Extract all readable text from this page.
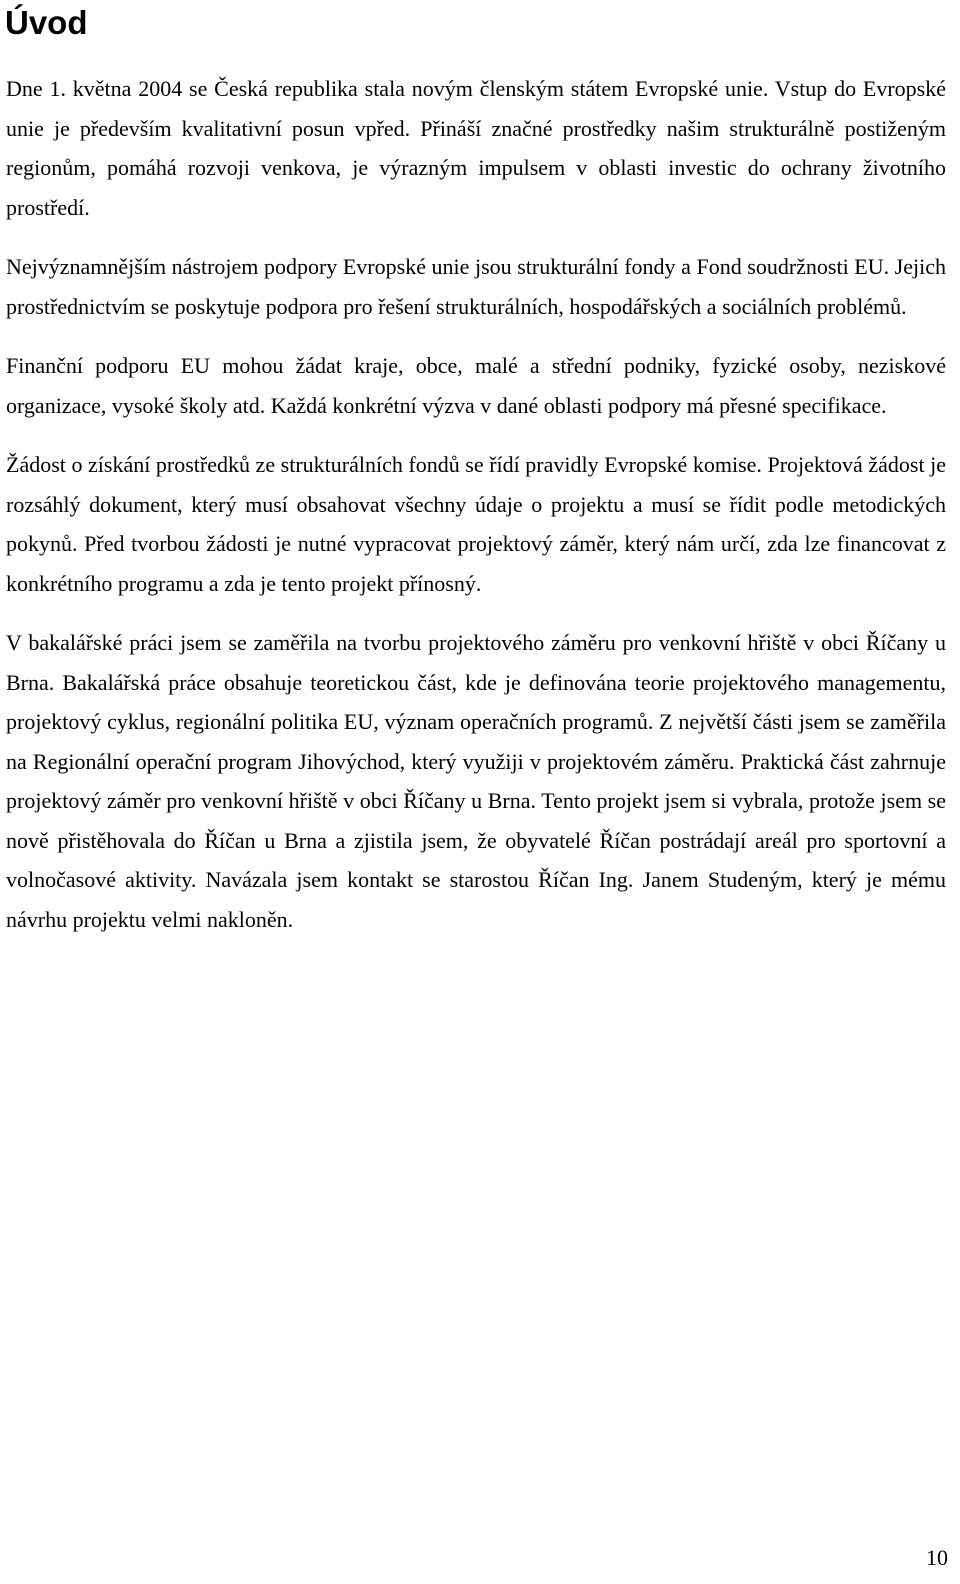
Úvod

Dne 1. května 2004 se Česká republika stala novým členským státem Evropské unie. Vstup do Evropské unie je především kvalitativní posun vpřed. Přináší značné prostředky našim strukturálně postiženým regionům, pomáhá rozvoji venkova, je výrazným impulsem v oblasti investic do ochrany životního prostředí.

Nejvýznamnějším nástrojem podpory Evropské unie jsou strukturální fondy a Fond soudržnosti EU. Jejich prostřednictvím se poskytuje podpora pro řešení strukturálních, hospodářských a sociálních problémů.

Finanční podporu EU mohou žádat kraje, obce, malé a střední podniky, fyzické osoby, neziskové organizace, vysoké školy atd. Každá konkrétní výzva v dané oblasti podpory má přesné specifikace.

Žádost o získání prostředků ze strukturálních fondů se řídí pravidly Evropské komise. Projektová žádost je rozsáhlý dokument, který musí obsahovat všechny údaje o projektu a musí se řídit podle metodických pokynů. Před tvorbou žádosti je nutné vypracovat projektový záměr, který nám určí, zda lze financovat z konkrétního programu a zda je tento projekt přínosný.

V bakalářské práci jsem se zaměřila na tvorbu projektového záměru pro venkovní hřiště v obci Říčany u Brna. Bakalářská práce obsahuje teoretickou část, kde je definována teorie projektového managementu, projektový cyklus, regionální politika EU, význam operačních programů. Z největší části jsem se zaměřila na Regionální operační program Jihovýchod, který využiji v projektovém záměru. Praktická část zahrnuje projektový záměr pro venkovní hřiště v obci Říčany u Brna. Tento projekt jsem si vybrala, protože jsem se nově přistěhovala do Říčan u Brna a zjistila jsem, že obyvatelé Říčan postrádají areál pro sportovní a volnočasové aktivity. Navázala jsem kontakt se starostou Říčan Ing. Janem Studeným, který je mému návrhu projektu velmi nakloněn.

10
